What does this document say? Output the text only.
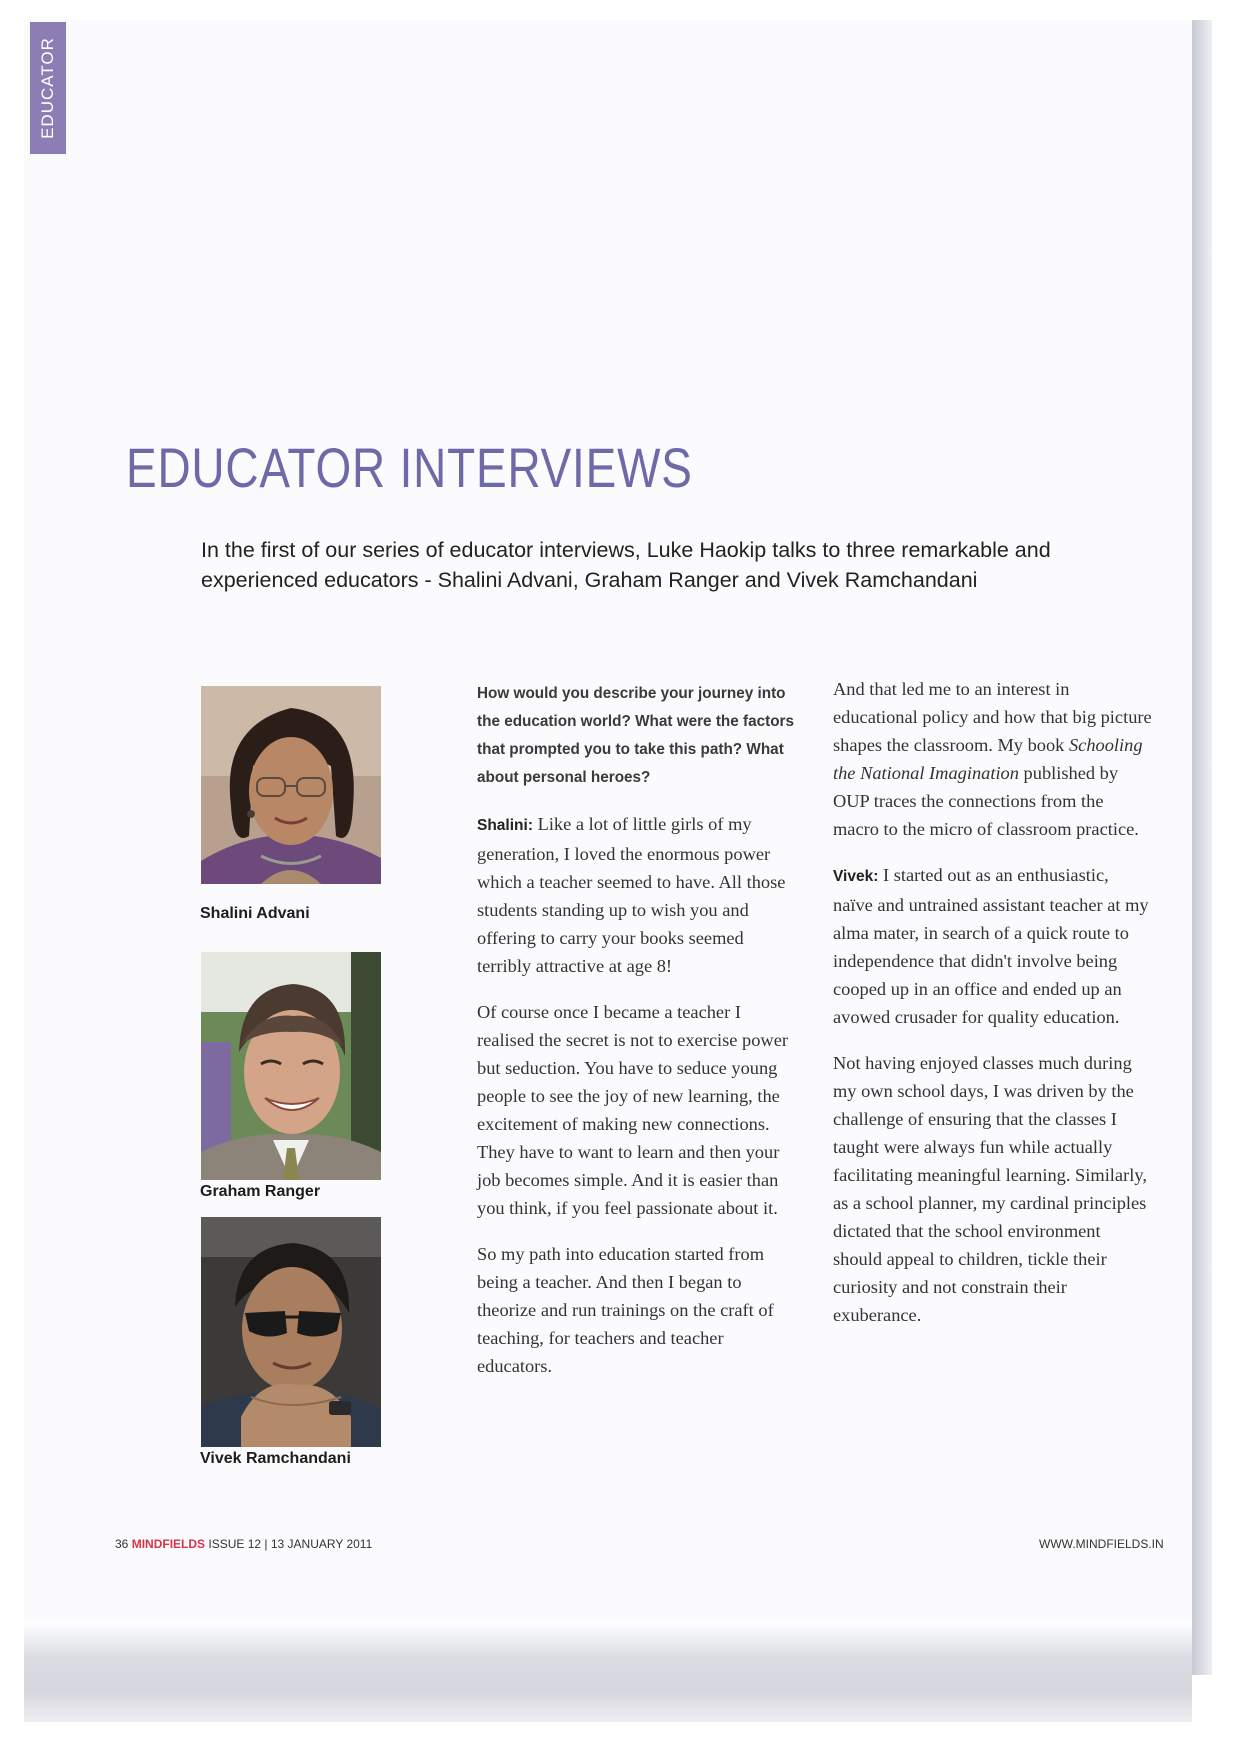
EDUCATOR
EDUCATOR INTERVIEWS

In the first of our series of educator interviews, Luke Haokip talks to three remarkable and experienced educators - Shalini Advani, Graham Ranger and Vivek Ramchandani

Shalini Advani

Graham Ranger

Vivek Ramchandani

How would you describe your journey into the education world? What were the factors that prompted you to take this path? What about personal heroes?

Shalini: Like a lot of little girls of my generation, I loved the enormous power which a teacher seemed to have. All those students standing up to wish you and offering to carry your books seemed terribly attractive at age 8!

Of course once I became a teacher I realised the secret is not to exercise power but seduction. You have to seduce young people to see the joy of new learning, the excitement of making new connections. They have to want to learn and then your job becomes simple. And it is easier than you think, if you feel passionate about it.

So my path into education started from being a teacher. And then I began to theorize and run trainings on the craft of teaching, for teachers and teacher educators.

And that led me to an interest in educational policy and how that big picture shapes the classroom. My book Schooling the National Imagination published by OUP traces the connections from the macro to the micro of classroom practice.

Vivek: I started out as an enthusiastic, naïve and untrained assistant teacher at my alma mater, in search of a quick route to independence that didn't involve being cooped up in an office and ended up an avowed crusader for quality education.

Not having enjoyed classes much during my own school days, I was driven by the challenge of ensuring that the classes I taught were always fun while actually facilitating meaningful learning. Similarly, as a school planner, my cardinal principles dictated that the school environment should appeal to children, tickle their curiosity and not constrain their exuberance.

36 MINDFIELDS ISSUE 12 | 13 JANUARY 2011	WWW.MINDFIELDS.IN
